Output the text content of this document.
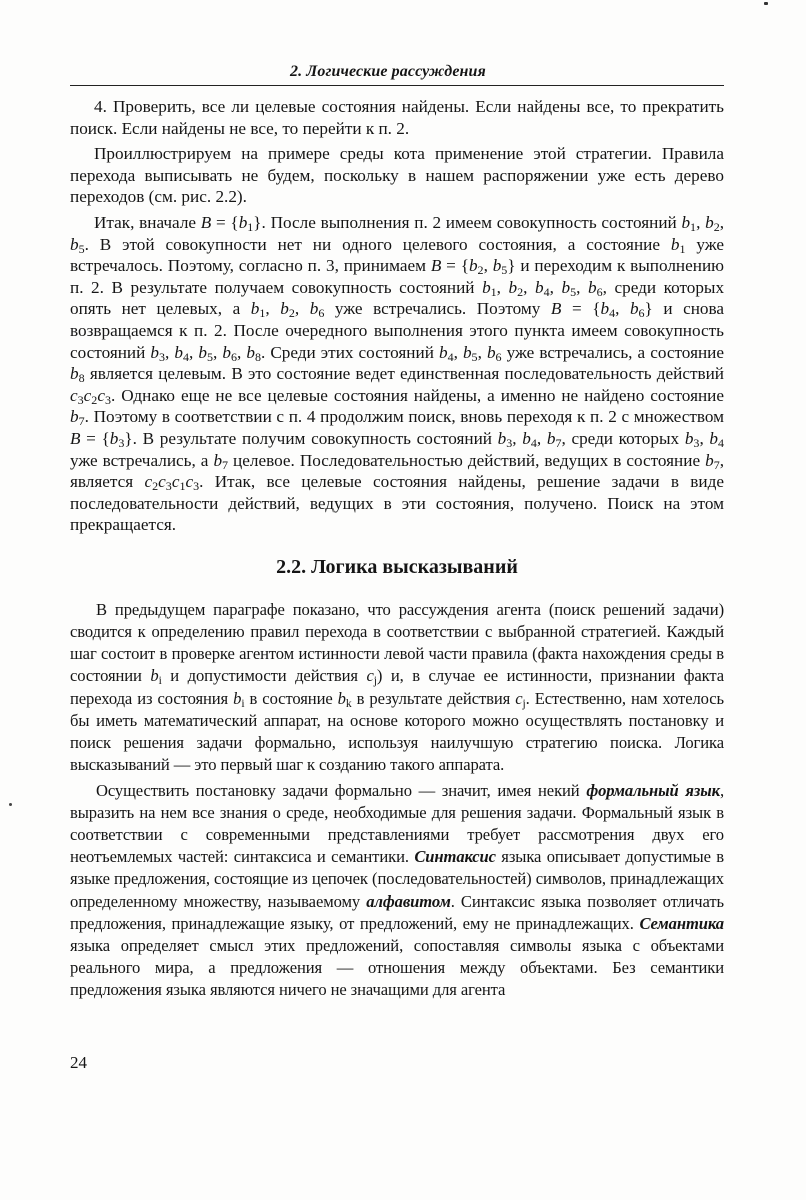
2. Логические рассуждения

4. Проверить, все ли целевые состояния найдены. Если найдены все, то прекратить поиск. Если найдены не все, то перейти к п. 2.

Проиллюстрируем на примере среды кота применение этой стратегии. Правила перехода выписывать не будем, поскольку в нашем распоряжении уже есть дерево переходов (см. рис. 2.2).

Итак, вначале $B = \{b_1\}$. После выполнения п. 2 имеем совокупность состояний $b_1$, $b_2$, $b_5$. В этой совокупности нет ни одного целевого состояния, а состояние $b_1$ уже встречалось. Поэтому, согласно п. 3, принимаем $B = \{b_2$, $b_5$} и переходим к выполнению п. 2. В результате получаем совокупность состояний $b_1$, $b_2$, $b_4$, $b_5$, $b_6$, среди которых опять нет целевых, а $b_1$, $b_2$, $b_6$ уже встречались. Поэтому $B = \{b_4$, $b_6$} и снова возвращаемся к п. 2. После очередного выполнения этого пункта имеем совокупность состояний $b_3$, $b_4$, $b_5$, $b_6$, $b_8$. Среди этих состояний $b_4$, $b_5$, $b_6$ уже встречались, а состояние $b_8$ является целевым. В это состояние ведет единственная последовательность действий $c_3c_2c_3$. Однако еще не все целевые состояния найдены, а именно не найдено состояние $b_7$. Поэтому в соответствии с п. 4 продолжим поиск, вновь переходя к п. 2 с множеством $B = \{b_3\}$. В результате получим совокупность состояний $b_3$, $b_4$, $b_7$, среди которых $b_3$, $b_4$ уже встречались, а $b_7$ целевое. Последовательностью действий, ведущих в состояние $b_7$, является $c_2c_3c_1c_3$. Итак, все целевые состояния найдены, решение задачи в виде последовательности действий, ведущих в эти состояния, получено. Поиск на этом прекращается.

2.2. Логика высказываний

В предыдущем параграфе показано, что рассуждения агента (поиск решений задачи) сводится к определению правил перехода в соответствии с выбранной стратегией. Каждый шаг состоит в проверке агентом истинности левой части правила (факта нахождения среды в состоянии $b_i$ и допустимости действия $c_j$) и, в случае ее истинности, признании факта перехода из состояния $b_i$ в состояние $b_k$ в результате действия $c_j$. Естественно, нам хотелось бы иметь математический аппарат, на основе которого можно осуществлять постановку и поиск решения задачи формально, используя наилучшую стратегию поиска. Логика высказываний — это первый шаг к созданию такого аппарата.

Осуществить постановку задачи формально — значит, имея некий формальный язык, выразить на нем все знания о среде, необходимые для решения задачи. Формальный язык в соответствии с современными представлениями требует рассмотрения двух его неотъемлемых частей: синтаксиса и семантики. Синтаксис языка описывает допустимые в языке предложения, состоящие из цепочек (последовательностей) символов, принадлежащих определенному множеству, называемому алфавитом. Синтаксис языка позволяет отличать предложения, принадлежащие языку, от предложений, ему не принадлежащих. Семантика языка определяет смысл этих предложений, сопоставляя символы языка с объектами реального мира, а предложения — отношения между объектами. Без семантики предложения языка являются ничего не значащими для агента

24
